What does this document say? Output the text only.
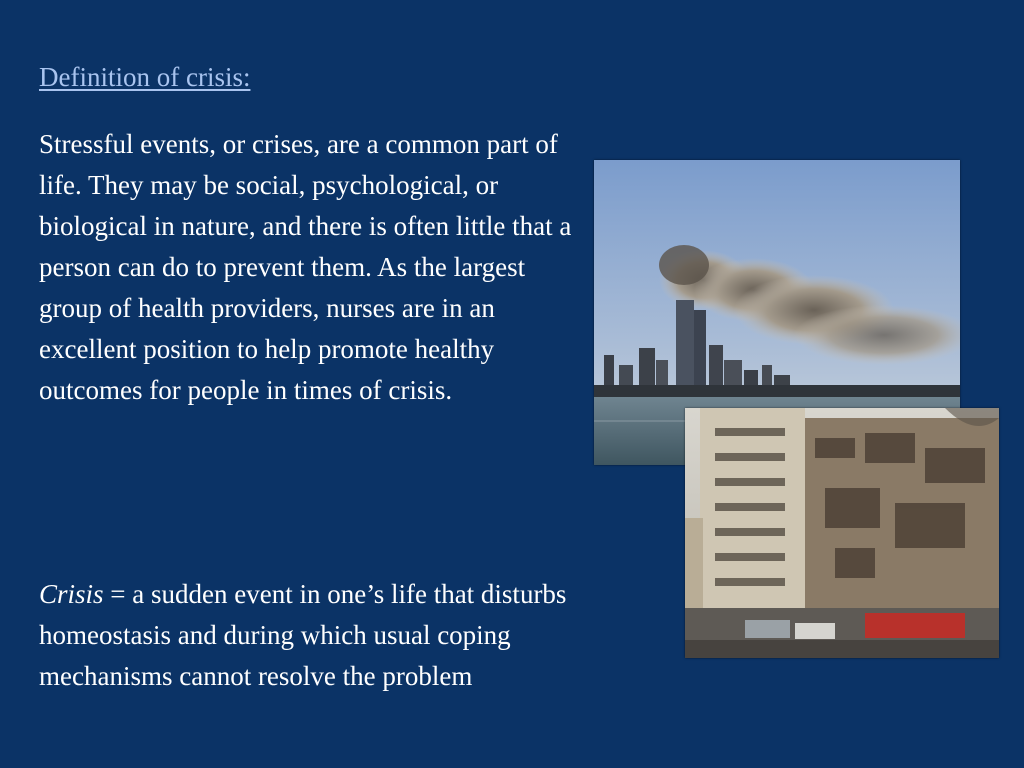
Definition of crisis:

Stressful events, or crises, are a common part of life. They may be social, psychological, or biological in nature, and there is often little that a person can do to prevent them. As the largest group of health providers, nurses are in an excellent position to help promote healthy outcomes for people in times of crisis.

Crisis = a sudden event in one’s life that disturbs homeostasis and during which usual coping mechanisms cannot resolve the problem
